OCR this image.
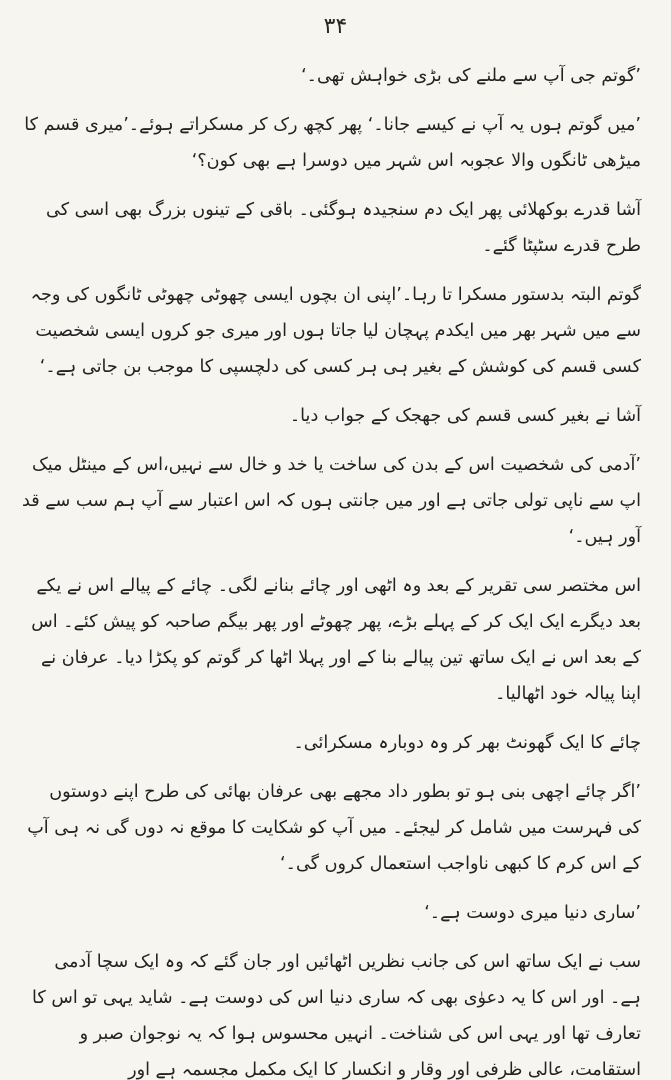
۳۴

’گوتم جی آپ سے ملنے کی بڑی خواہش تھی۔‘

’میں گوتم ہوں یہ آپ نے کیسے جانا۔‘ پھر کچھ رک کر مسکراتے ہوئے۔’میری قسم کا میڑھی ٹانگوں والا عجوبہ اس شہر میں دوسرا ہے بھی کون؟‘

آشا قدرے بوکھلائی پھر ایک دم سنجیدہ ہوگئی۔ باقی کے تینوں بزرگ بھی اسی کی طرح قدرے سٹپٹا گئے۔

گوتم البتہ بدستور مسکرا تا رہا۔’اپنی ان بچوں ایسی چھوٹی چھوٹی ٹانگوں کی وجہ سے میں شہر بھر میں ایکدم پہچان لیا جاتا ہوں اور میری جو کروں ایسی شخصیت کسی قسم کی کوشش کے بغیر ہی ہر کسی کی دلچسپی کا موجب بن جاتی ہے۔‘

آشا نے بغیر کسی قسم کی جھجک کے جواب دیا۔

’آدمی کی شخصیت اس کے بدن کی ساخت یا خد و خال سے نہیں،اس کے مینٹل میک اپ سے ناپی تولی جاتی ہے اور میں جانتی ہوں کہ اس اعتبار سے آپ ہم سب سے قد آور ہیں۔‘

اس مختصر سی تقریر کے بعد وہ اٹھی اور چائے بنانے لگی۔ چائے کے پیالے اس نے یکے بعد دیگرے ایک ایک کر کے پہلے بڑے، پھر چھوٹے اور پھر بیگم صاحبہ کو پیش کئے۔ اس کے بعد اس نے ایک ساتھ تین پیالے بنا کے اور پہلا اٹھا کر گوتم کو پکڑا دیا۔ عرفان نے اپنا پیالہ خود اٹھالیا۔

چائے کا ایک گھونٹ بھر کر وہ دوبارہ مسکرائی۔

’اگر چائے اچھی بنی ہو تو بطور داد مجھے بھی عرفان بھائی کی طرح اپنے دوستوں کی فہرست میں شامل کر لیجئے۔ میں آپ کو شکایت کا موقع نہ دوں گی نہ ہی آپ کے اس کرم کا کبھی ناواجب استعمال کروں گی۔‘

’ساری دنیا میری دوست ہے۔‘

سب نے ایک ساتھ اس کی جانب نظریں اٹھائیں اور جان گئے کہ وہ ایک سچا آدمی ہے۔ اور اس کا یہ دعوٰی بھی کہ ساری دنیا اس کی دوست ہے۔ شاید یہی تو اس کا تعارف تھا اور یہی اس کی شناخت۔ انہیں محسوس ہوا کہ یہ نوجوان صبر و استقامت، عالی ظرفی اور وقار و انکسار کا ایک مکمل مجسمہ ہے اور
